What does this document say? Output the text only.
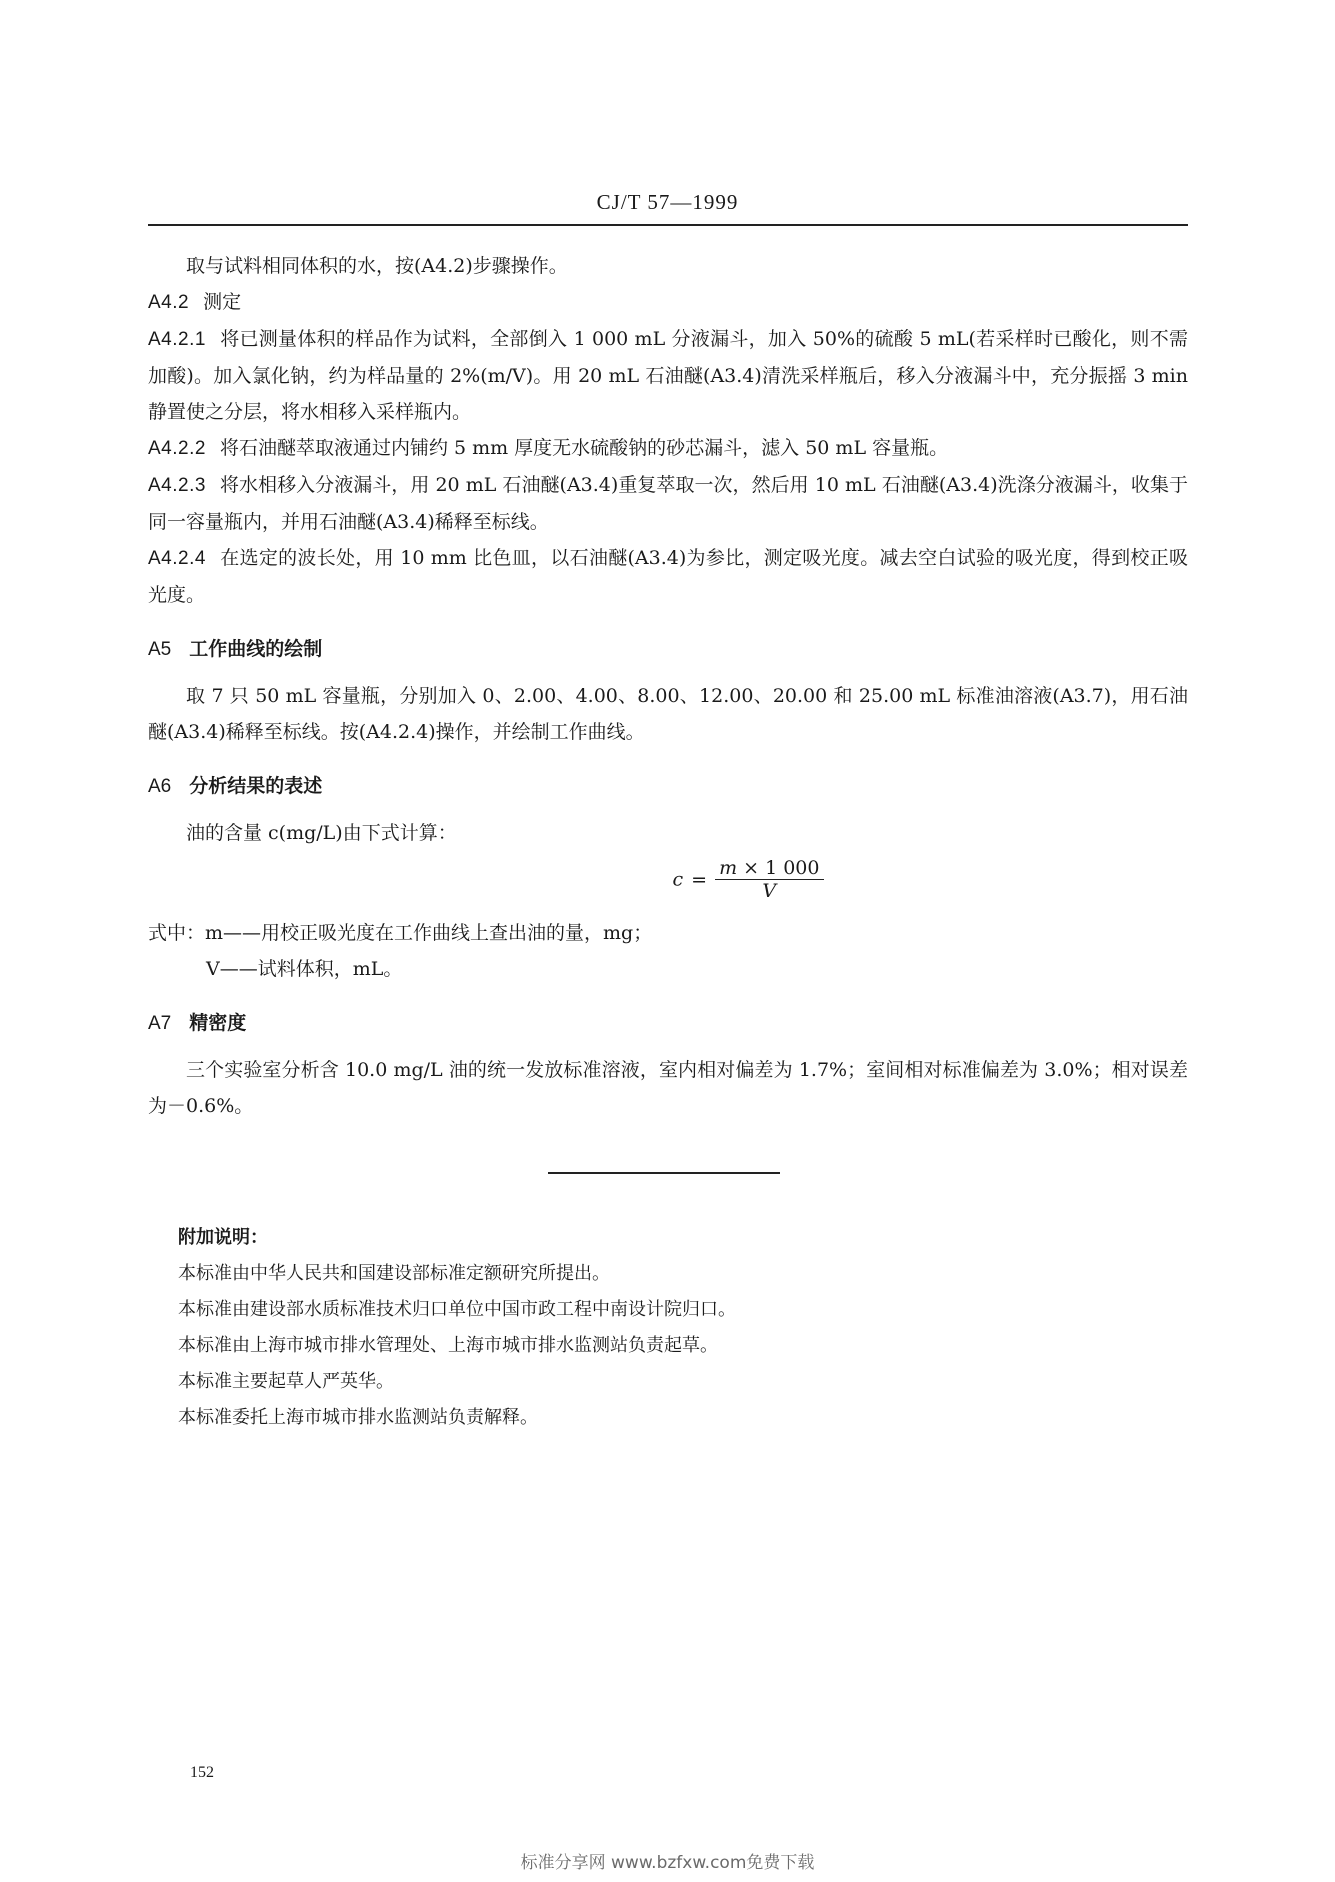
CJ/T 57—1999

取与试料相同体积的水，按(A4.2)步骤操作。

A4.2 测定

A4.2.1 将已测量体积的样品作为试料，全部倒入 1 000 mL 分液漏斗，加入 50%的硫酸 5 mL(若采样时已酸化，则不需加酸)。加入氯化钠，约为样品量的 2%(m/V)。用 20 mL 石油醚(A3.4)清洗采样瓶后，移入分液漏斗中，充分振摇 3 min 静置使之分层，将水相移入采样瓶内。

A4.2.2 将石油醚萃取液通过内铺约 5 mm 厚度无水硫酸钠的砂芯漏斗，滤入 50 mL 容量瓶。

A4.2.3 将水相移入分液漏斗，用 20 mL 石油醚(A3.4)重复萃取一次，然后用 10 mL 石油醚(A3.4)洗涤分液漏斗，收集于同一容量瓶内，并用石油醚(A3.4)稀释至标线。

A4.2.4 在选定的波长处，用 10 mm 比色皿，以石油醚(A3.4)为参比，测定吸光度。减去空白试验的吸光度，得到校正吸光度。

A5 工作曲线的绘制

取 7 只 50 mL 容量瓶，分别加入 0、2.00、4.00、8.00、12.00、20.00 和 25.00 mL 标准油溶液(A3.7)，用石油醚(A3.4)稀释至标线。按(A4.2.4)操作，并绘制工作曲线。

A6 分析结果的表述

油的含量 c(mg/L)由下式计算：

$c = \frac{m \times 1 000}{V}$

式中：m——用校正吸光度在工作曲线上查出油的量，mg；

V——试料体积，mL。

A7 精密度

三个实验室分析含 10.0 mg/L 油的统一发放标准溶液，室内相对偏差为 1.7%；室间相对标准偏差为 3.0%；相对误差为－0.6%。

附加说明：

本标准由中华人民共和国建设部标准定额研究所提出。

本标准由建设部水质标准技术归口单位中国市政工程中南设计院归口。

本标准由上海市城市排水管理处、上海市城市排水监测站负责起草。

本标准主要起草人严英华。

本标准委托上海市城市排水监测站负责解释。

152
标准分享网 www.bzfxw.com免费下载
